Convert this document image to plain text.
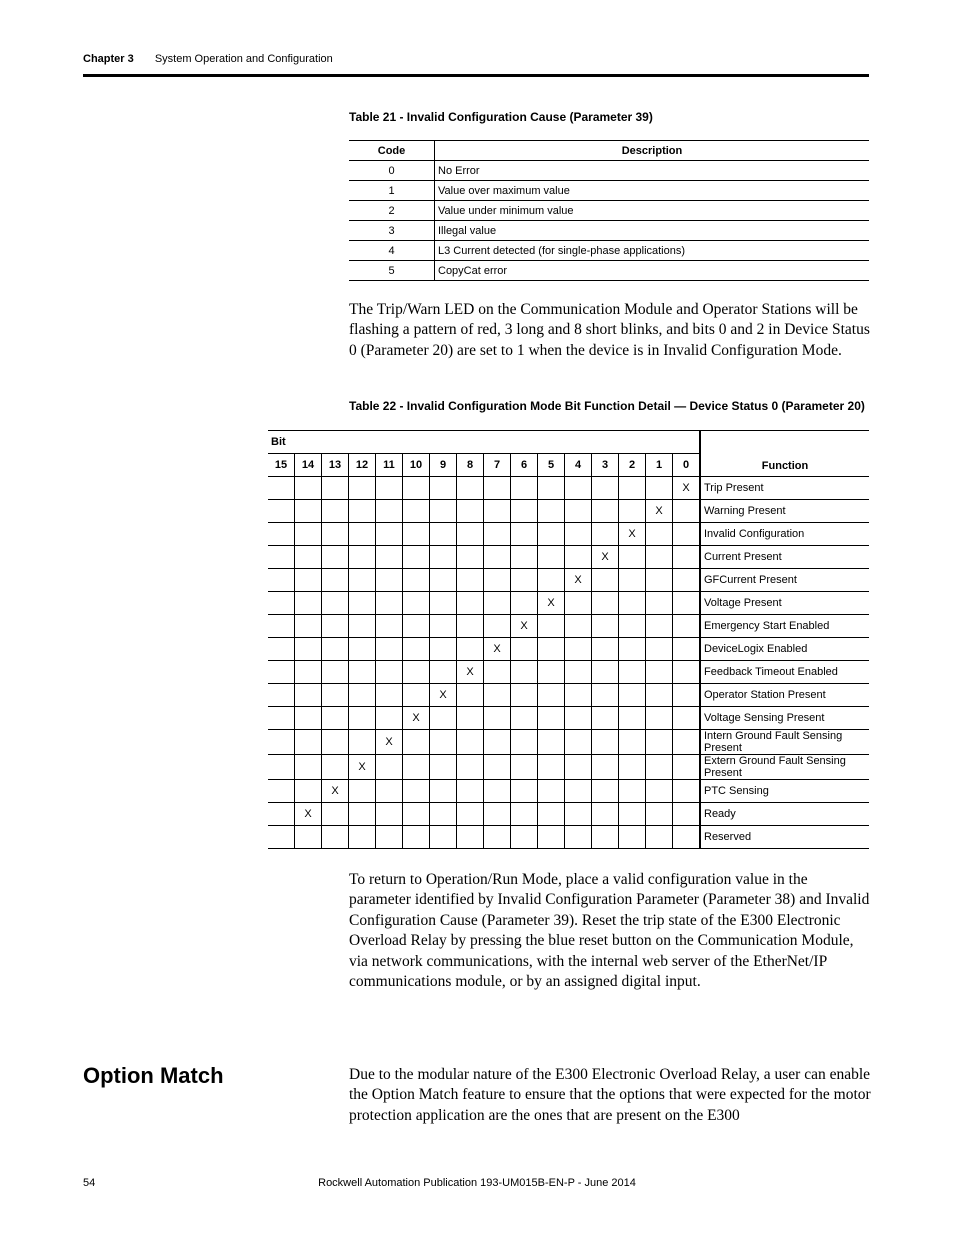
Chapter 3 System Operation and Configuration
Table 21 - Invalid Configuration Cause (Parameter 39)
Code	Description
0	No Error
1	Value over maximum value
2	Value under minimum value
3	Illegal value
4	L3 Current detected (for single-phase applications)
5	CopyCat error
The Trip/Warn LED on the Communication Module and Operator Stations will be flashing a pattern of red, 3 long and 8 short blinks, and bits 0 and 2 in Device Status 0 (Parameter 20) are set to 1 when the device is in Invalid Configuration Mode.
Table 22 - Invalid Configuration Mode Bit Function Detail — Device Status 0 (Parameter 20)
Bit																Function
15	14	13	12	11	10	9	8	7	6	5	4	3	2	1	0	
															X	Trip Present
														X		Warning Present
													X			Invalid Configuration
												X				Current Present
											X					GFCurrent Present
										X						Voltage Present
									X							Emergency Start Enabled
								X								DeviceLogix Enabled
							X									Feedback Timeout Enabled
						X										Operator Station Present
					X											Voltage Sensing Present
				X												Intern Ground Fault Sensing Present
			X													Extern Ground Fault Sensing Present
		X														PTC Sensing
	X															Ready
																Reserved
To return to Operation/Run Mode, place a valid configuration value in the parameter identified by Invalid Configuration Parameter (Parameter 38) and Invalid Configuration Cause (Parameter 39). Reset the trip state of the E300 Electronic Overload Relay by pressing the blue reset button on the Communication Module, via network communications, with the internal web server of the EtherNet/IP communications module, or by an assigned digital input.
Option Match	Due to the modular nature of the E300 Electronic Overload Relay, a user can enable the Option Match feature to ensure that the options that were expected for the motor protection application are the ones that are present on the E300
54	Rockwell Automation Publication 193-UM015B-EN-P - June 2014
